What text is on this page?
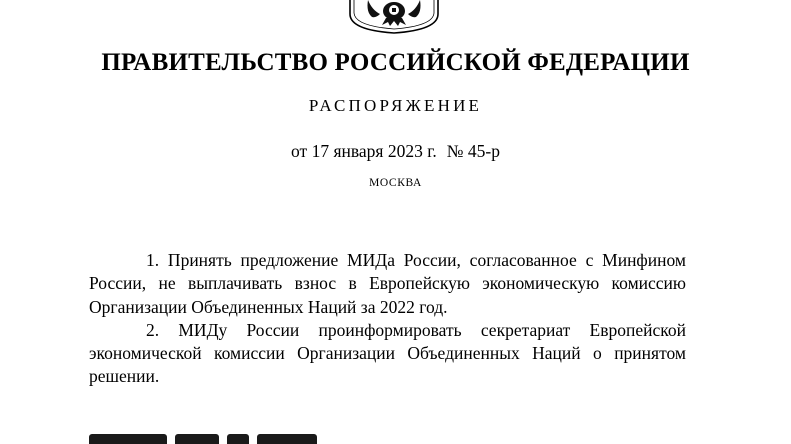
ПРАВИТЕЛЬСТВО РОССИЙСКОЙ ФЕДЕРАЦИИ
РАСПОРЯЖЕНИЕ
от 17 января 2023 г. № 45-р
МОСКВА

1. Принять предложение МИДа России, согласованное с Минфином России, не выплачивать взнос в Европейскую экономическую комиссию Организации Объединенных Наций за 2022 год.

2. МИДу России проинформировать секретариат Европейской экономической комиссии Организации Объединенных Наций о принятом решении.
